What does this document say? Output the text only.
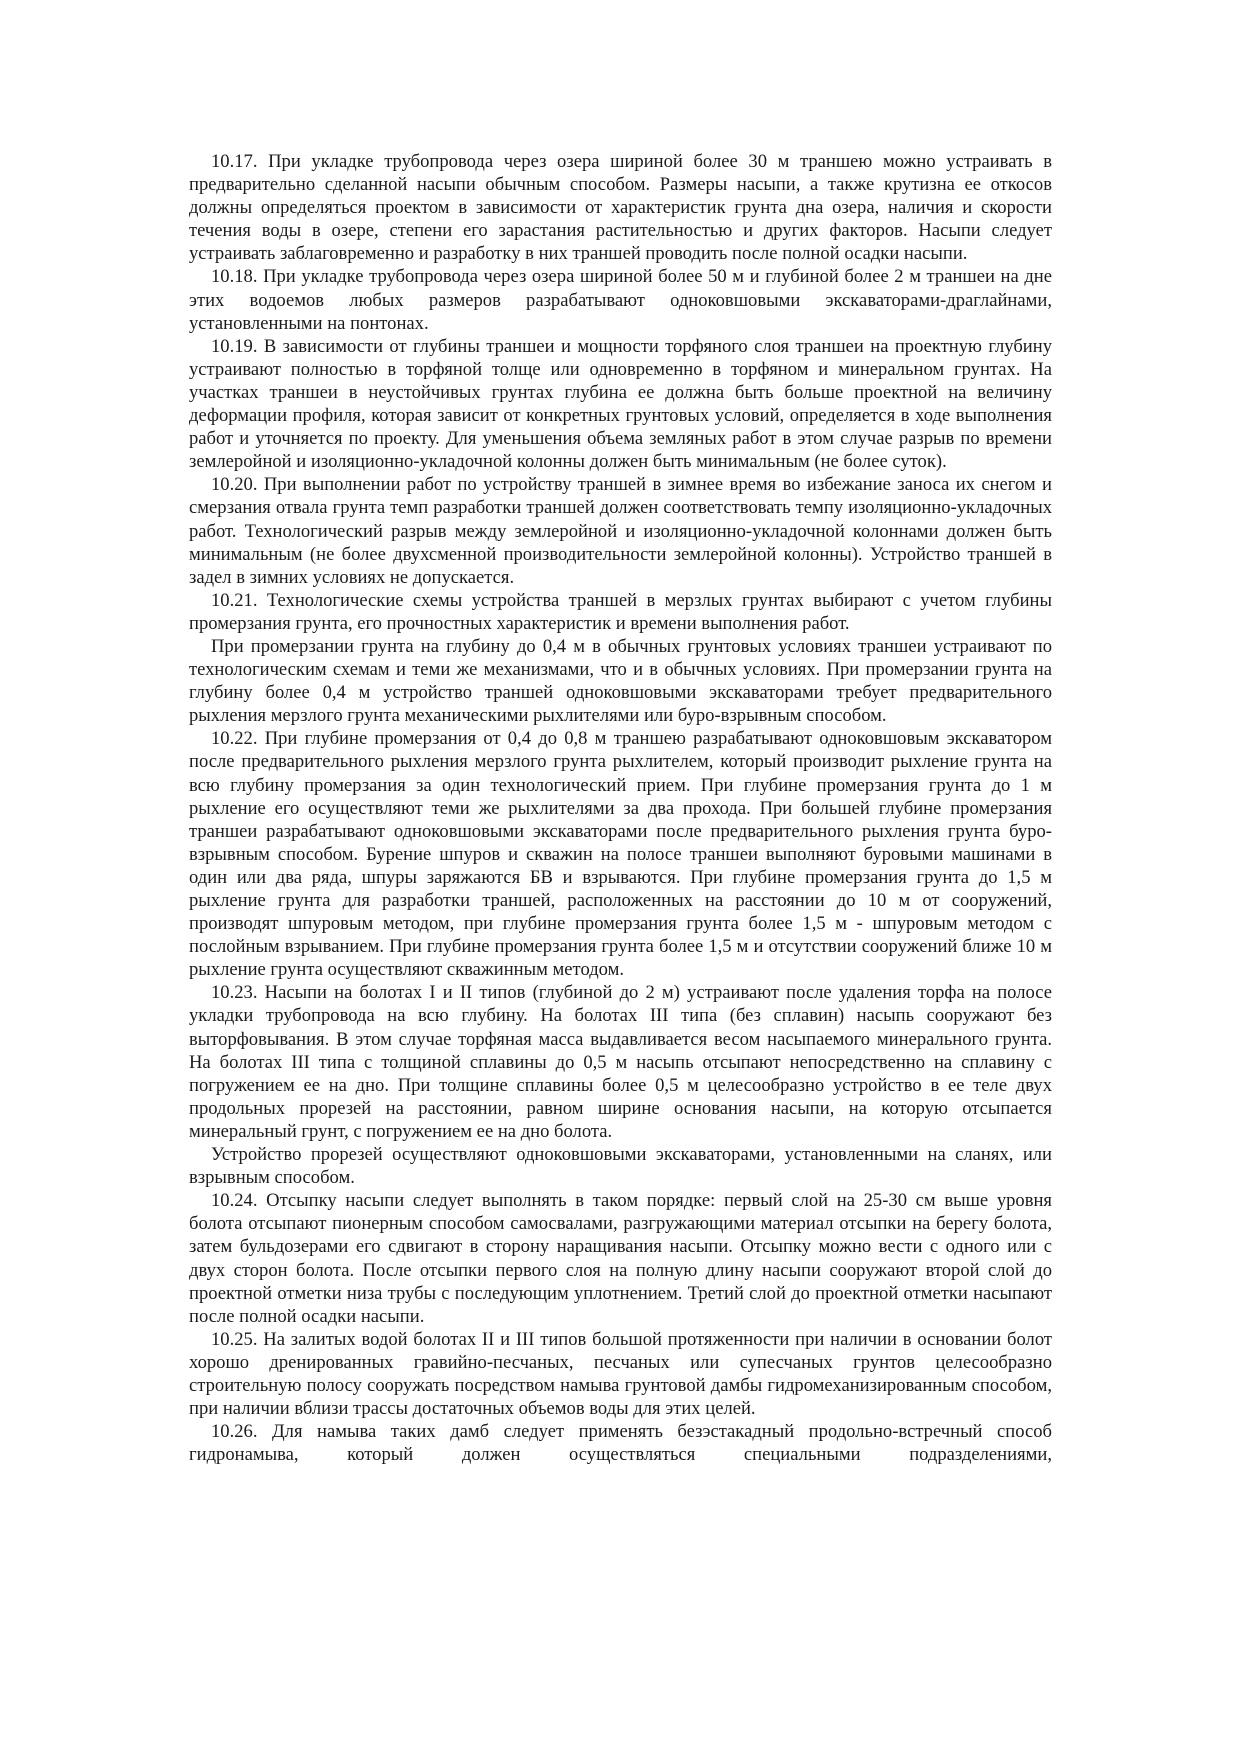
10.17. При укладке трубопровода через озера шириной более 30 м траншею можно устраивать в предварительно сделанной насыпи обычным способом. Размеры насыпи, а также крутизна ее откосов должны определяться проектом в зависимости от характеристик грунта дна озера, наличия и скорости течения воды в озере, степени его зарастания растительностью и других факторов. Насыпи следует устраивать заблаговременно и разработку в них траншей проводить после полной осадки насыпи.

10.18. При укладке трубопровода через озера шириной более 50 м и глубиной более 2 м траншеи на дне этих водоемов любых размеров разрабатывают одноковшовыми экскаваторами-драглайнами, установленными на понтонах.

10.19. В зависимости от глубины траншеи и мощности торфяного слоя траншеи на проектную глубину устраивают полностью в торфяной толще или одновременно в торфяном и минеральном грунтах. На участках траншеи в неустойчивых грунтах глубина ее должна быть больше проектной на величину деформации профиля, которая зависит от конкретных грунтовых условий, определяется в ходе выполнения работ и уточняется по проекту. Для уменьшения объема земляных работ в этом случае разрыв по времени землеройной и изоляционно-укладочной колонны должен быть минимальным (не более суток).

10.20. При выполнении работ по устройству траншей в зимнее время во избежание заноса их снегом и смерзания отвала грунта темп разработки траншей должен соответствовать темпу изоляционно-укладочных работ. Технологический разрыв между землеройной и изоляционно-укладочной колоннами должен быть минимальным (не более двухсменной производительности землеройной колонны). Устройство траншей в задел в зимних условиях не допускается.

10.21. Технологические схемы устройства траншей в мерзлых грунтах выбирают с учетом глубины промерзания грунта, его прочностных характеристик и времени выполнения работ.

При промерзании грунта на глубину до 0,4 м в обычных грунтовых условиях траншеи устраивают по технологическим схемам и теми же механизмами, что и в обычных условиях. При промерзании грунта на глубину более 0,4 м устройство траншей одноковшовыми экскаваторами требует предварительного рыхления мерзлого грунта механическими рыхлителями или буро-взрывным способом.

10.22. При глубине промерзания от 0,4 до 0,8 м траншею разрабатывают одноковшовым экскаватором после предварительного рыхления мерзлого грунта рыхлителем, который производит рыхление грунта на всю глубину промерзания за один технологический прием. При глубине промерзания грунта до 1 м рыхление его осуществляют теми же рыхлителями за два прохода. При большей глубине промерзания траншеи разрабатывают одноковшовыми экскаваторами после предварительного рыхления грунта буро-взрывным способом. Бурение шпуров и скважин на полосе траншеи выполняют буровыми машинами в один или два ряда, шпуры заряжаются БВ и взрываются. При глубине промерзания грунта до 1,5 м рыхление грунта для разработки траншей, расположенных на расстоянии до 10 м от сооружений, производят шпуровым методом, при глубине промерзания грунта более 1,5 м - шпуровым методом с послойным взрыванием. При глубине промерзания грунта более 1,5 м и отсутствии сооружений ближе 10 м рыхление грунта осуществляют скважинным методом.

10.23. Насыпи на болотах I и II типов (глубиной до 2 м) устраивают после удаления торфа на полосе укладки трубопровода на всю глубину. На болотах III типа (без сплавин) насыпь сооружают без выторфовывания. В этом случае торфяная масса выдавливается весом насыпаемого минерального грунта. На болотах III типа с толщиной сплавины до 0,5 м насыпь отсыпают непосредственно на сплавину с погружением ее на дно. При толщине сплавины более 0,5 м целесообразно устройство в ее теле двух продольных прорезей на расстоянии, равном ширине основания насыпи, на которую отсыпается минеральный грунт, с погружением ее на дно болота.

Устройство прорезей осуществляют одноковшовыми экскаваторами, установленными на сланях, или взрывным способом.

10.24. Отсыпку насыпи следует выполнять в таком порядке: первый слой на 25-30 см выше уровня болота отсыпают пионерным способом самосвалами, разгружающими материал отсыпки на берегу болота, затем бульдозерами его сдвигают в сторону наращивания насыпи. Отсыпку можно вести с одного или с двух сторон болота. После отсыпки первого слоя на полную длину насыпи сооружают второй слой до проектной отметки низа трубы с последующим уплотнением. Третий слой до проектной отметки насыпают после полной осадки насыпи.

10.25. На залитых водой болотах II и III типов большой протяженности при наличии в основании болот хорошо дренированных гравийно-песчаных, песчаных или супесчаных грунтов целесообразно строительную полосу сооружать посредством намыва грунтовой дамбы гидромеханизированным способом, при наличии вблизи трассы достаточных объемов воды для этих целей.

10.26. Для намыва таких дамб следует применять безэстакадный продольно-встречный способ гидронамыва, который должен осуществляться специальными подразделениями,
